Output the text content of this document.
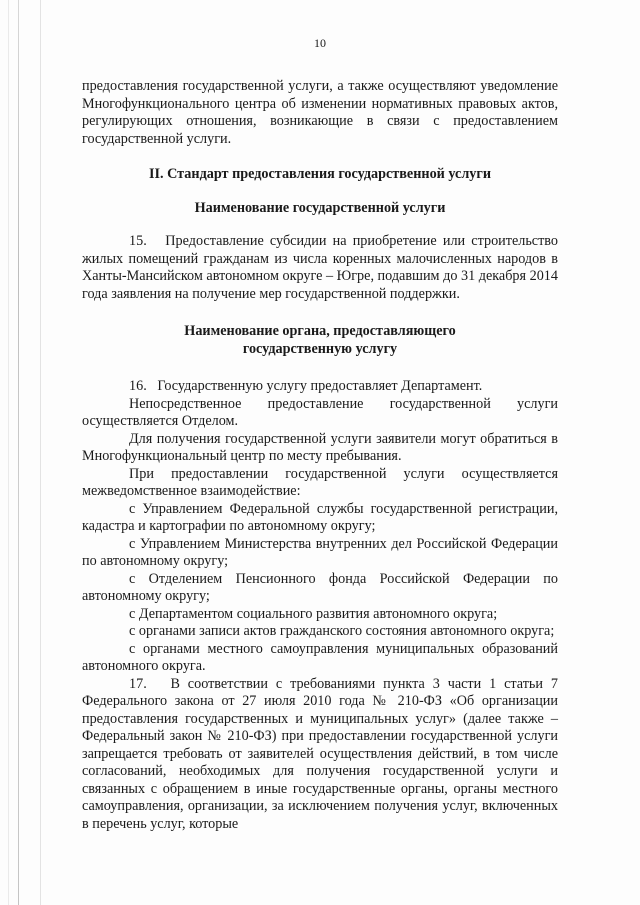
10

предоставления государственной услуги, а также осуществляют уведомление Многофункционального центра об изменении нормативных правовых актов, регулирующих отношения, возникающие в связи с предоставлением государственной услуги.

II. Стандарт предоставления государственной услуги

Наименование государственной услуги

15.   Предоставление субсидии на приобретение или строительство жилых помещений гражданам из числа коренных малочисленных народов в Ханты-Мансийском автономном округе – Югре, подавшим до 31 декабря 2014 года заявления на получение мер государственной поддержки.

Наименование органа, предоставляющего

государственную услугу

16.   Государственную услугу предоставляет Департамент.

Непосредственное предоставление государственной услуги осуществляется Отделом.

Для получения государственной услуги заявители могут обратиться в Многофункциональный центр по месту пребывания.

При предоставлении государственной услуги осуществляется межведомственное взаимодействие:

с Управлением Федеральной службы государственной регистрации, кадастра и картографии по автономному округу;

с Управлением Министерства внутренних дел Российской Федерации по автономному округу;

с Отделением Пенсионного фонда Российской Федерации по автономному округу;

с Департаментом социального развития автономного округа;

с органами записи актов гражданского состояния автономного округа;

с органами местного самоуправления муниципальных образований автономного округа.

17.   В соответствии с требованиями пункта 3 части 1 статьи 7 Федерального закона от 27 июля 2010 года № 210-ФЗ «Об организации предоставления государственных и муниципальных услуг» (далее также – Федеральный закон № 210-ФЗ) при предоставлении государственной услуги запрещается требовать от заявителей осуществления действий, в том числе согласований, необходимых для получения государственной услуги и связанных с обращением в иные государственные органы, органы местного самоуправления, организации, за исключением получения услуг, включенных в перечень услуг, которые
